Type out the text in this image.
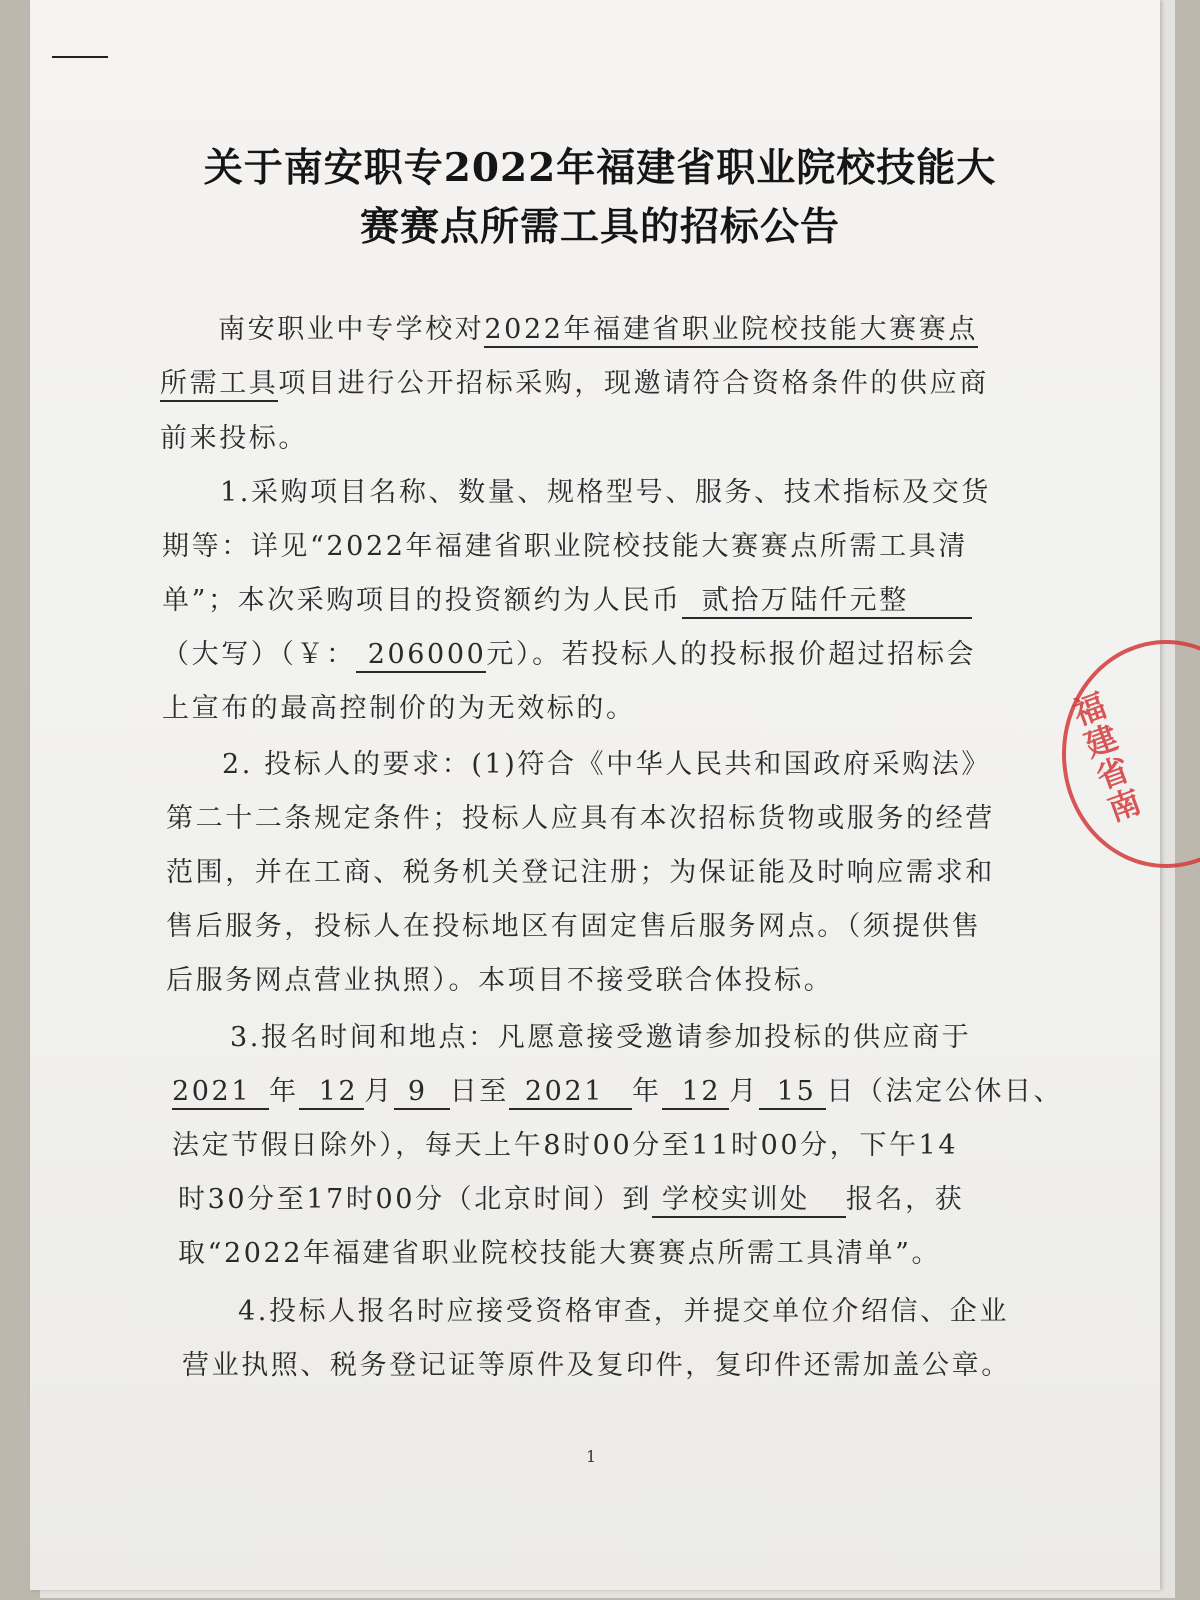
关于南安职专2022年福建省职业院校技能大
赛赛点所需工具的招标公告
南安职业中专学校对2022年福建省职业院校技能大赛赛点
所需工具项目进行公开招标采购，现邀请符合资格条件的供应商
前来投标。
1.采购项目名称、数量、规格型号、服务、技术指标及交货
期等：详见“2022年福建省职业院校技能大赛赛点所需工具清
单”；本次采购项目的投资额约为人民币 贰拾万陆仟元整
（大写）（￥： 206000元）。若投标人的投标报价超过招标会
上宣布的最高控制价的为无效标的。
2. 投标人的要求：(1)符合《中华人民共和国政府采购法》
第二十二条规定条件；投标人应具有本次招标货物或服务的经营
范围，并在工商、税务机关登记注册；为保证能及时响应需求和
售后服务，投标人在投标地区有固定售后服务网点。（须提供售
后服务网点营业执照）。本项目不接受联合体投标。
3.报名时间和地点：凡愿意接受邀请参加投标的供应商于
2021 年 12 月 9 日至 2021 年 12 月 15 日（法定公休日、
法定节假日除外），每天上午8时00分至11时00分，下午14
时30分至17时00分（北京时间）到 学校实训处 报名，获
取“2022年福建省职业院校技能大赛赛点所需工具清单”。
4.投标人报名时应接受资格审查，并提交单位介绍信、企业
营业执照、税务登记证等原件及复印件，复印件还需加盖公章。
福建省南
1
